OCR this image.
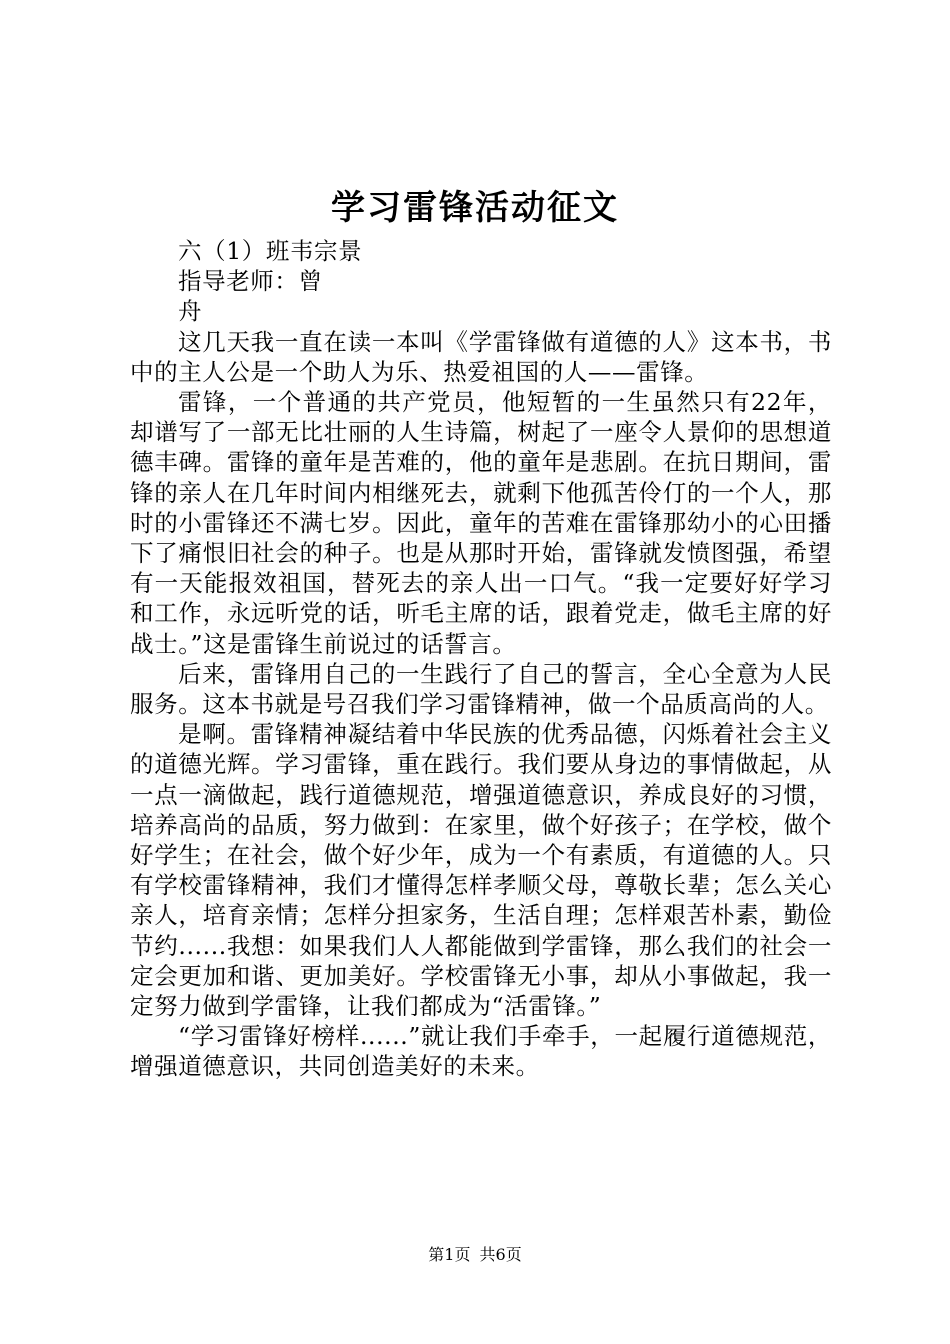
学习雷锋活动征文

六（1）班韦宗景

指导老师：曾

舟

这几天我一直在读一本叫《学雷锋做有道德的人》这本书，书中的主人公是一个助人为乐、热爱祖国的人——雷锋。

雷锋，一个普通的共产党员，他短暂的一生虽然只有22年，却谱写了一部无比壮丽的人生诗篇，树起了一座令人景仰的思想道德丰碑。雷锋的童年是苦难的，他的童年是悲剧。在抗日期间，雷锋的亲人在几年时间内相继死去，就剩下他孤苦伶仃的一个人，那时的小雷锋还不满七岁。因此，童年的苦难在雷锋那幼小的心田播下了痛恨旧社会的种子。也是从那时开始，雷锋就发愤图强，希望有一天能报效祖国，替死去的亲人出一口气。“我一定要好好学习和工作，永远听党的话，听毛主席的话，跟着党走，做毛主席的好战士。”这是雷锋生前说过的话誓言。

后来，雷锋用自己的一生践行了自己的誓言，全心全意为人民服务。这本书就是号召我们学习雷锋精神，做一个品质高尚的人。

是啊。雷锋精神凝结着中华民族的优秀品德，闪烁着社会主义的道德光辉。学习雷锋，重在践行。我们要从身边的事情做起，从一点一滴做起，践行道德规范，增强道德意识，养成良好的习惯，培养高尚的品质，努力做到：在家里，做个好孩子；在学校，做个好学生；在社会，做个好少年，成为一个有素质，有道德的人。只有学校雷锋精神，我们才懂得怎样孝顺父母，尊敬长辈；怎么关心亲人，培育亲情；怎样分担家务，生活自理；怎样艰苦朴素，勤俭节约......我想：如果我们人人都能做到学雷锋，那么我们的社会一定会更加和谐、更加美好。学校雷锋无小事，却从小事做起，我一定努力做到学雷锋，让我们都成为“活雷锋。”

“学习雷锋好榜样......”就让我们手牵手，一起履行道德规范，增强道德意识，共同创造美好的未来。

第1页 共6页
